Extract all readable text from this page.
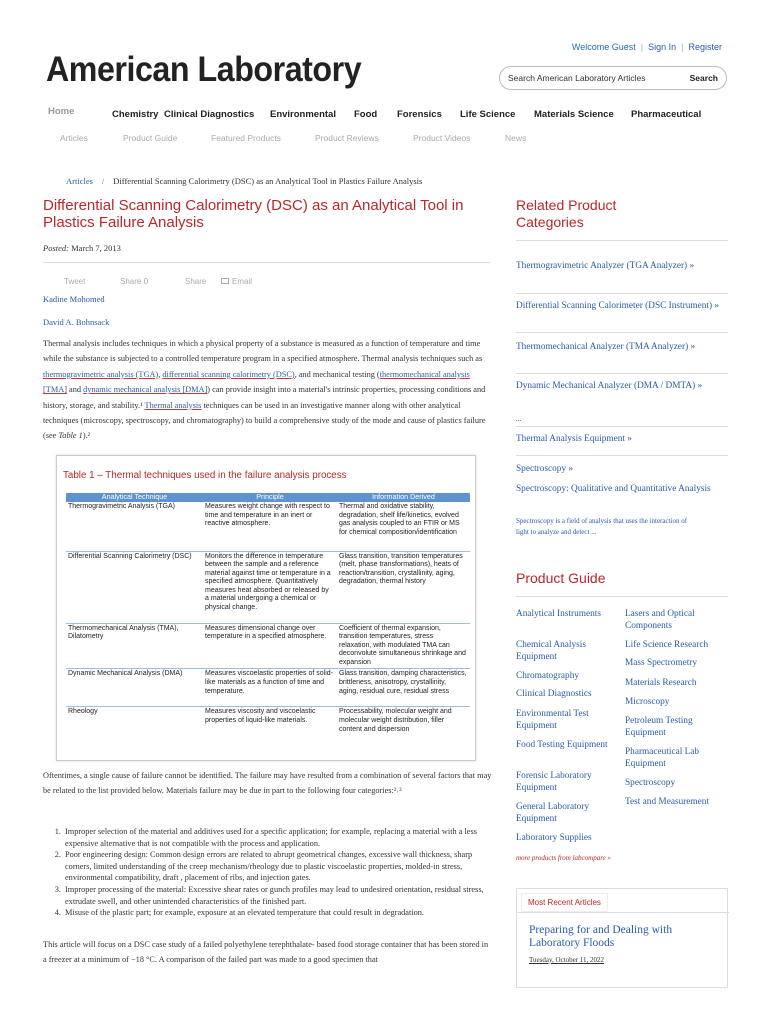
Welcome Guest | Sign In | Register
American Laboratory	Search American Laboratory Articles	Search
Home	Chemistry Clinical Diagnostics	Environmental	Food	Forensics	Life Science	Materials Science	Pharmaceutical
Articles	Product Guide	Featured Products	Product Reviews	Product Videos	News
Articles / Differential Scanning Calorimetry (DSC) as an Analytical Tool in Plastics Failure Analysis
Differential Scanning Calorimetry (DSC) as an Analytical Tool in Plastics Failure Analysis
Posted: March 7, 2013
Tweet	Share 0	Share	Email
Kadine Mohomed
David A. Bohnsack
Thermal analysis includes techniques in which a physical property of a substance is measured as a function of temperature and time while the substance is subjected to a controlled temperature program in a specified atmosphere. Thermal analysis techniques such as thermogravimetric analysis (TGA), differential scanning calorimetry (DSC), and mechanical testing (thermomechanical analysis [TMA] and dynamic mechanical analysis [DMA]) can provide insight into a material's intrinsic properties, processing conditions and history, storage, and stability.¹ Thermal analysis techniques can be used in an investigative manner along with other analytical techniques (microscopy, spectroscopy, and chromatography) to build a comprehensive study of the mode and cause of plastics failure (see Table 1).²
Table 1 – Thermal techniques used in the failure analysis process
Analytical Technique	Principle	Information Derived
Thermogravimetric Analysis (TGA)	Measures weight change with respect to time and temperature in an inert or reactive atmosphere.	Thermal and oxidative stability, degradation, shelf life/kinetics, evolved gas analysis coupled to an FTIR or MS for chemical composition/identification
Differential Scanning Calorimetry (DSC)	Monitors the difference in temperature between the sample and a reference material against time or temperature in a specified atmosphere. Quantitatively measures heat absorbed or released by a material undergoing a chemical or physical change.	Glass transition, transition temperatures (melt, phase transformations), heats of reaction/transition, crystallinity, aging, degradation, thermal history
Thermomechanical Analysis (TMA), Dilatometry	Measures dimensional change over temperature in a specified atmosphere.	Coefficient of thermal expansion, transition temperatures, stress relaxation, with modulated TMA can deconvolute simultaneous shrinkage and expansion
Dynamic Mechanical Analysis (DMA)	Measures viscoelastic properties of solid-like materials as a function of time and temperature.	Glass transition, damping characteristics, brittleness, anisotropy, crystallinity, aging, residual cure, residual stress
Rheology	Measures viscosity and viscoelastic properties of liquid-like materials.	Processability, molecular weight and molecular weight distribution, filler content and dispersion
Oftentimes, a single cause of failure cannot be identified. The failure may have resulted from a combination of several factors that may be related to the list provided below. Materials failure may be due in part to the following four categories:²˒³
1. Improper selection of the material and additives used for a specific application; for example, replacing a material with a less expensive alternative that is not compatible with the process and application.
2. Poor engineering design: Common design errors are related to abrupt geometrical changes, excessive wall thickness, sharp corners, limited understanding of the creep mechanism/rheology due to plastic viscoelastic properties, molded-in stress, environmental compatibility, draft , placement of ribs, and injection gates.
3. Improper processing of the material: Excessive shear rates or gunch profiles may lead to undesired orientation, residual stress, extrudate swell, and other unintended characteristics of the finished part.
4. Misuse of the plastic part; for example, exposure at an elevated temperature that could result in degradation.
This article will focus on a DSC case study of a failed polyethylene terephthalate- based food storage container that has been stored in a freezer at a minimum of −18 °C. A comparison of the failed part was made to a good specimen that
Related Product Categories
Thermogravimetric Analyzer (TGA Analyzer) »
Differential Scanning Calorimeter (DSC Instrument) »
Thermomechanical Analyzer (TMA Analyzer) »
Dynamic Mechanical Analyzer (DMA / DMTA) »
...
Thermal Analysis Equipment »
Spectroscopy »
Spectroscopy: Qualitative and Quantitative Analysis
Spectroscopy is a field of analysis that uses the interaction of light to analyze and detect ...
Product Guide
Analytical Instruments
Chemical Analysis Equipment
Chromatography
Clinical Diagnostics
Environmental Test Equipment
Food Testing Equipment
Forensic Laboratory Equipment
General Laboratory Equipment
Laboratory Supplies
Lasers and Optical Components
Life Science Research
Mass Spectrometry
Materials Research
Microscopy
Petroleum Testing Equipment
Pharmaceutical Lab Equipment
Spectroscopy
Test and Measurement
more products from labcompare »
Most Recent Articles
Preparing for and Dealing with Laboratory Floods
Tuesday, October 11, 2022
